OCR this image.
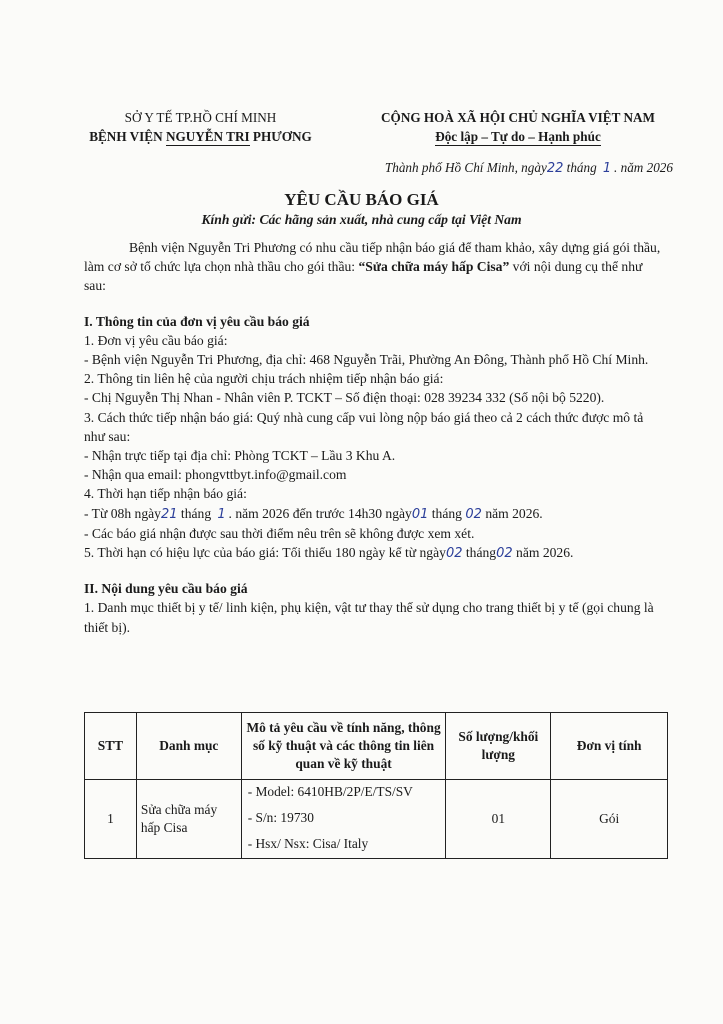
SỞ Y TẾ TP.HỒ CHÍ MINH
BỆNH VIỆN NGUYỄN TRI PHƯƠNG
CỘNG HOÀ XÃ HỘI CHỦ NGHĨA VIỆT NAM
Độc lập – Tự do – Hạnh phúc
Thành phố Hồ Chí Minh, ngày22 tháng 1 . năm 2026
YÊU CẦU BÁO GIÁ
Kính gửi: Các hãng sản xuất, nhà cung cấp tại Việt Nam

Bệnh viện Nguyễn Tri Phương có nhu cầu tiếp nhận báo giá để tham khảo, xây dựng giá gói thầu, làm cơ sở tổ chức lựa chọn nhà thầu cho gói thầu: “Sửa chữa máy hấp Cisa” với nội dung cụ thể như sau:

I. Thông tin của đơn vị yêu cầu báo giá

1. Đơn vị yêu cầu báo giá:

- Bệnh viện Nguyễn Tri Phương, địa chỉ: 468 Nguyễn Trãi, Phường An Đông, Thành phố Hồ Chí Minh.

2. Thông tin liên hệ của người chịu trách nhiệm tiếp nhận báo giá:

- Chị Nguyễn Thị Nhan - Nhân viên P. TCKT – Số điện thoại: 028 39234 332 (Số nội bộ 5220).

3. Cách thức tiếp nhận báo giá: Quý nhà cung cấp vui lòng nộp báo giá theo cả 2 cách thức được mô tả như sau:

- Nhận trực tiếp tại địa chỉ: Phòng TCKT – Lầu 3 Khu A.

- Nhận qua email: phongvttbyt.info@gmail.com

4. Thời hạn tiếp nhận báo giá:

- Từ 08h ngày21 tháng 1 . năm 2026 đến trước 14h30 ngày01 tháng 02 năm 2026.

- Các báo giá nhận được sau thời điểm nêu trên sẽ không được xem xét.

5. Thời hạn có hiệu lực của báo giá: Tối thiểu 180 ngày kể từ ngày02 tháng02 năm 2026.

II. Nội dung yêu cầu báo giá

1. Danh mục thiết bị y tế/ linh kiện, phụ kiện, vật tư thay thế sử dụng cho trang thiết bị y tế (gọi chung là thiết bị).

STT	Danh mục	Mô tả yêu cầu về tính năng, thông số kỹ thuật và các thông tin liên quan về kỹ thuật	Số lượng/khối lượng	Đơn vị tính
1	Sửa chữa máy hấp Cisa	- Model: 6410HB/2P/E/TS/SV
- S/n: 19730
- Hsx/ Nsx: Cisa/ Italy	01	Gói
